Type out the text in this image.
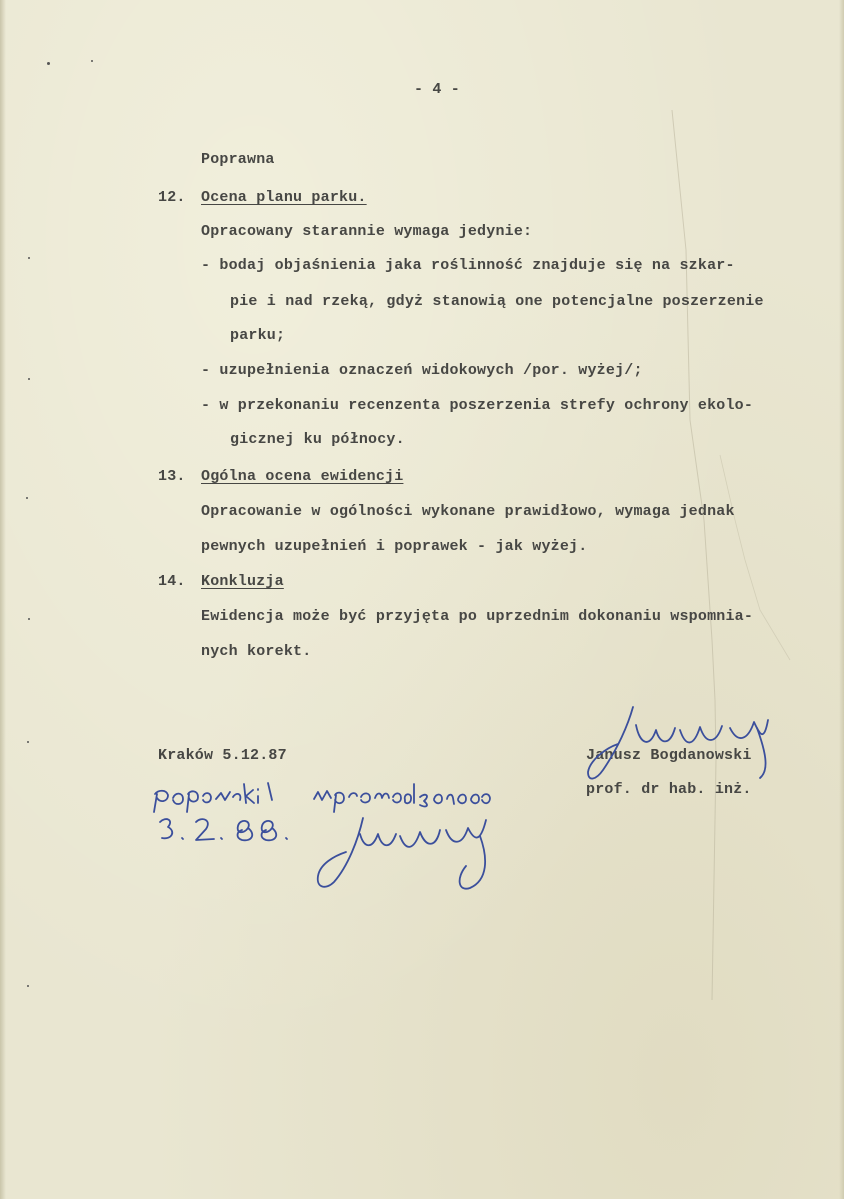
- 4 -
Poprawna
12. Ocena planu parku.
Opracowany starannie wymaga jedynie:
- bodaj objaśnienia jaka roślinność znajduje się na szkar-
pie i nad rzeką, gdyż stanowią one potencjalne poszerzenie
parku;
- uzupełnienia oznaczeń widokowych /por. wyżej/;
- w przekonaniu recenzenta poszerzenia strefy ochrony ekolo-
gicznej ku północy.
13. Ogólna ocena ewidencji
Opracowanie w ogólności wykonane prawidłowo, wymaga jednak
pewnych uzupełnień i poprawek - jak wyżej.
14. Konkluzja
Ewidencja może być przyjęta po uprzednim dokonaniu wspomnia-
nych korekt.
Kraków 5.12.87	Janusz Bogdanowski
prof. dr hab. inż.
